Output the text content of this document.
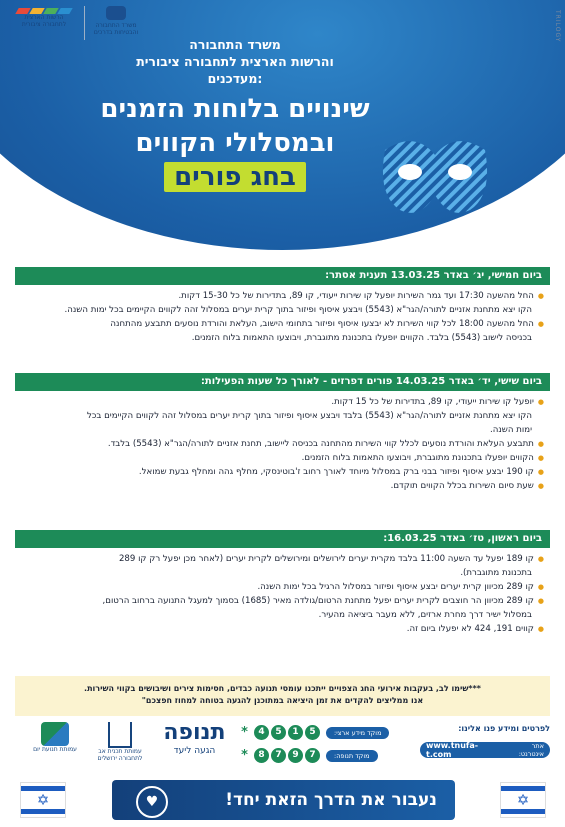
הרשות הארצית לתחבורה ציבורית	משרד התחבורה והבטיחות בדרכים	TRILOGY
משרד התחבורה
והרשות הארצית לתחבורה ציבורית
מעדכנים:
שינויים בלוחות הזמנים
ובמסלולי הקווים
בחג פורים
ביום חמישי, יג׳ באדר 13.03.25 תענית אסתר:
● החל מהשעה 17:30 ועד גמר השירות יופעל קו שירות ייעודי, קו 89, בתדירות של כל 15-30 דקות.
הקו יצא מתחנת אזניים לתורה/הגר"א (5543) ויבצע איסוף ופיזור בתוך קרית יערים במסלול זהה לקווים הקיימים בכל ימות השנה.
● החל מהשעה 18:00 לכל קווי השירות לא יבצעו איסוף ופיזור בתחומי הישוב, העלאת והורדת נוסעים תתבצע מהתחנה
בכניסה לישוב (5543) בלבד. הקווים יופעלו בתכנונת מתוגברת, ויבוצעו התאמות בלוח הזמנים.
ביום שישי, יד׳ באדר 14.03.25 פורים דפרזים - לאורך כל שעות הפעילות:
● יופעל קו שירות ייעודי, קו 89, בתדירות של כל 15 דקות.
הקו יצא מתחנת אזניים לתורה/הגר"א (5543) בלבד ויבצע איסוף ופיזור בתוך קרית יערים במסלול זהה לקווים הקיימים בכל
ימות השנה.
● תתבצע העלאת והורדת נוסעים לכלל קווי השירות מהתחנה בכניסה ליישוב, תחנת אזניים לתורה/הגר"א (5543) בלבד.
● הקווים יופעלו בתכנונת מתוגברת, ויבוצעו התאמות בלוח הזמנים.
● קו 190 יבצע איסוף ופיזור בבני ברק במסלול מיוחד לאורך רחוב ז'בוטינסקי, מחלף גהה ומחלף גבעת שמואל.
● שעת סיום השירות בכלל הקווים תוקדם.
ביום ראשון, טז׳ באדר 16.03.25:
● קו 189 יפעל עד השעה 11:00 בלבד מקרית יערים לירושלים ומירושלים לקרית יערים (לאחר מכן יפעל רק קו 289
בתכנונת מתוגברת).
● קו 289 מכיוון קרית יערים יבצע איסוף ופיזור במסלול הרגיל בכל ימות השנה.
● קו 289 מכיוון הר חוצבים לקרית יערים יפעל מתחנת הרטום/גולדה מאיר (1685) בסמוך למעגל התנועה ברחוב הרטום,
במסלול ישיר דרך מחרת ארזים, ללא מעבר ביציאה מהעיר.
● קווים 191, 424 לא יפעלו ביום זה.
***שימו לב, בעקבות אירועי החג הצפויים ייתכנו עומסי תנועה כבדים, חסימות צירים ושיבושים בקווי השירות.
אנו ממליצים להקדים את זמן היציאה במתוכנן להגעה בטוחה למחוז חפצכם"
עמותת תנועת יום	עמותת תכנית אב לתחבורה ירושלים
תנופה
הגעה ליעד
*	4	5	1	5	מוקד מידע ארצי:
*	8	7	9	7	מוקד תנופה:
לפרטים ומידע פנו אלינו:
אתר אינטרנט:
www.tnufa-t.com
✡	♥	נעבור את הדרך הזאת יחד!	✡
